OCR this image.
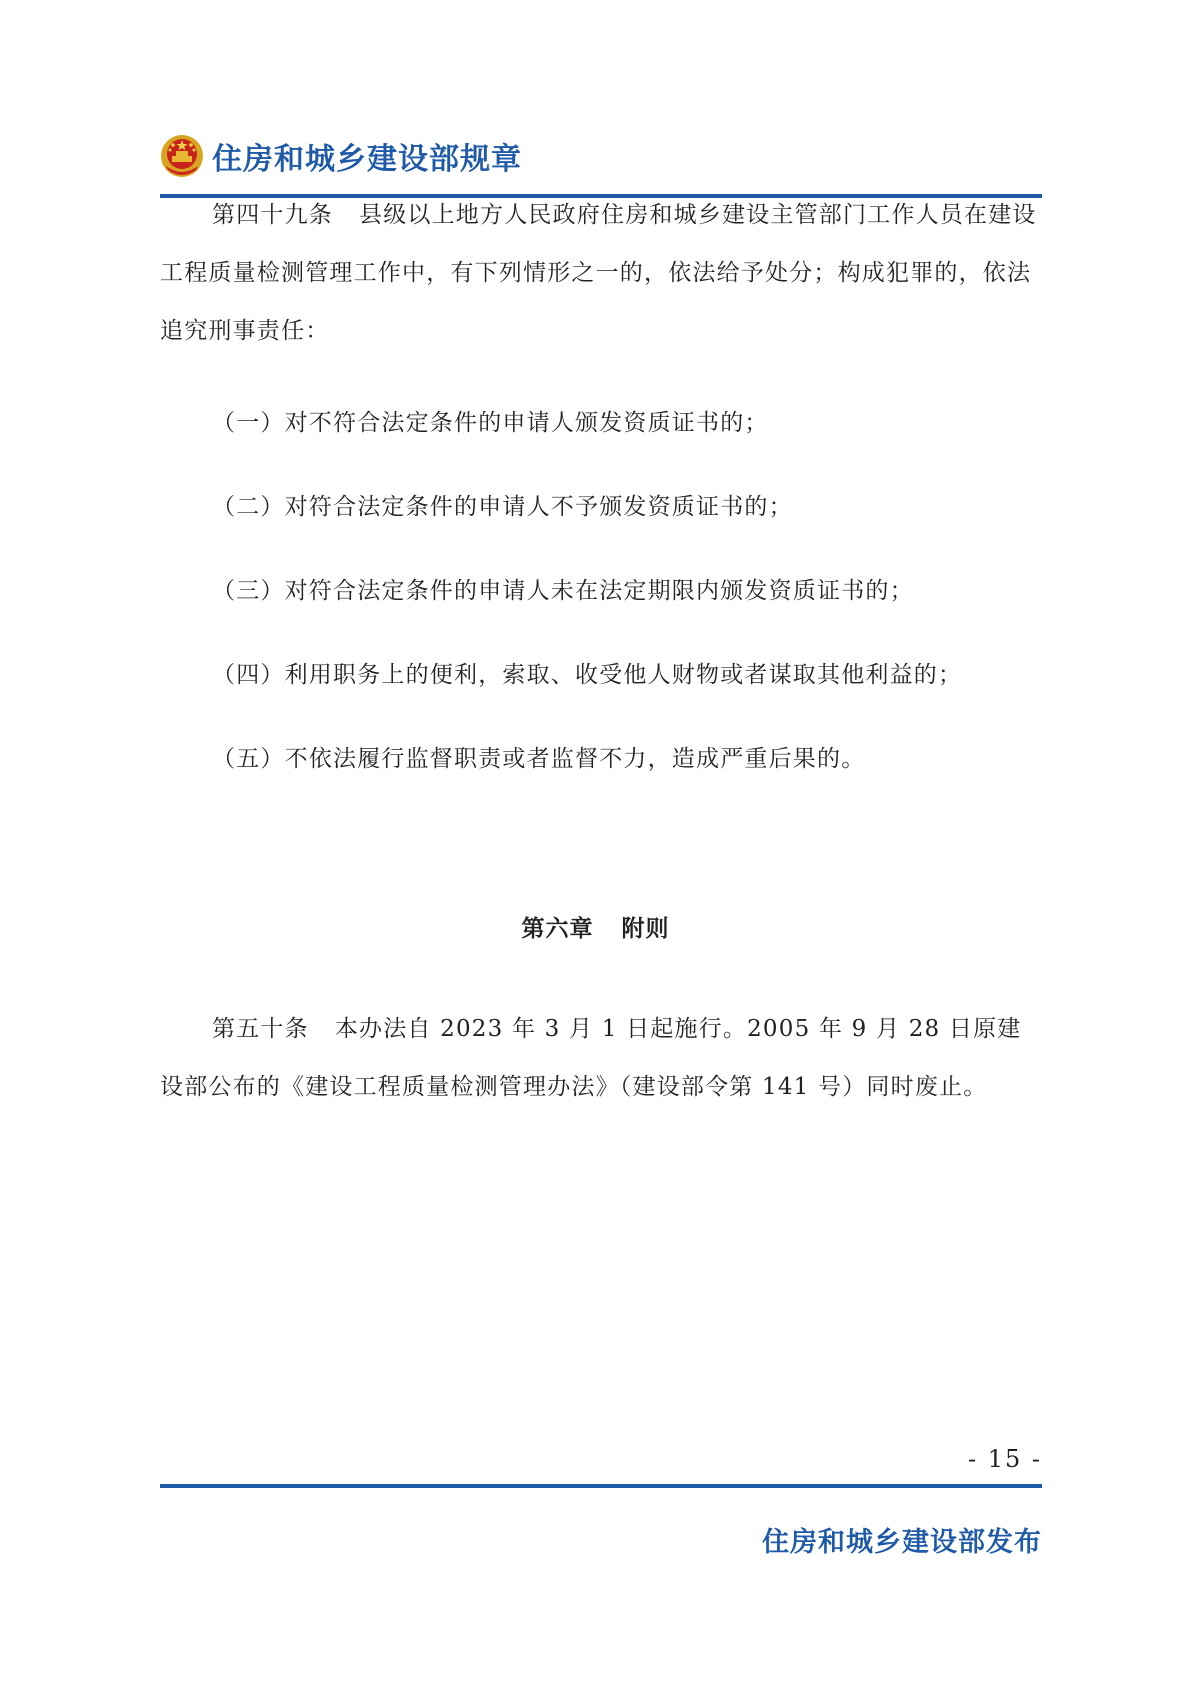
住房和城乡建设部规章
第四十九条 县级以上地方人民政府住房和城乡建设主管部门工作人员在建设工程质量检测管理工作中，有下列情形之一的，依法给予处分；构成犯罪的，依法追究刑事责任：
（一）对不符合法定条件的申请人颁发资质证书的；
（二）对符合法定条件的申请人不予颁发资质证书的；
（三）对符合法定条件的申请人未在法定期限内颁发资质证书的；
（四）利用职务上的便利，索取、收受他人财物或者谋取其他利益的；
（五）不依法履行监督职责或者监督不力，造成严重后果的。
第六章 附则
第五十条 本办法自 2023 年 3 月 1 日起施行。2005 年 9 月 28 日原建设部公布的《建设工程质量检测管理办法》（建设部令第 141 号）同时废止。
- 15 -
住房和城乡建设部发布
